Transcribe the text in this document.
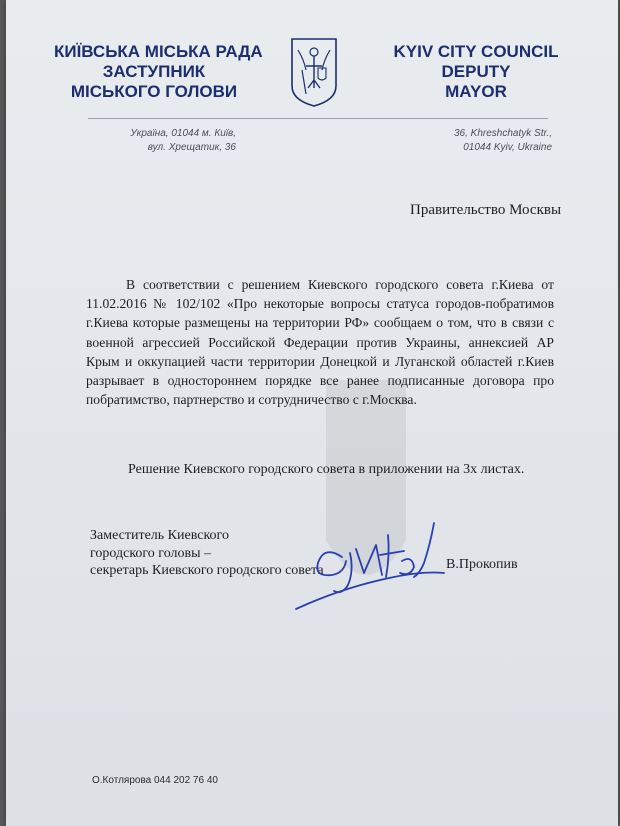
КИЇВСЬКА МІСЬКА РАДА
ЗАСТУПНИК
МІСЬКОГО ГОЛОВИ
KYIV CITY COUNCIL
DEPUTY
MAYOR
Україна, 01044 м. Київ,
вул. Хрещатик, 36
36, Khreshchatyk Str.,
01044 Kyiv, Ukraine
Правительство Москвы
В соответствии с решением Киевского городского совета г.Киева от
11.02.2016 № 102/102 «Про некоторые вопросы статуса городов-побратимов
г.Киева которые размещены на территории РФ» сообщаем о том, что в связи с
военной агрессией Российской Федерации против Украины, аннексией АР
Крым и оккупацией части территории Донецкой и Луганской областей г.Киев
разрывает в одностороннем порядке все ранее подписанные договора про
побратимство, партнерство и сотрудничество с г.Москва.
Решение Киевского городского совета в приложении на 3х листах.
Заместитель Киевского
городского головы –
секретарь Киевского городского совета	В.Прокопив
О.Котлярова 044 202 76 40
